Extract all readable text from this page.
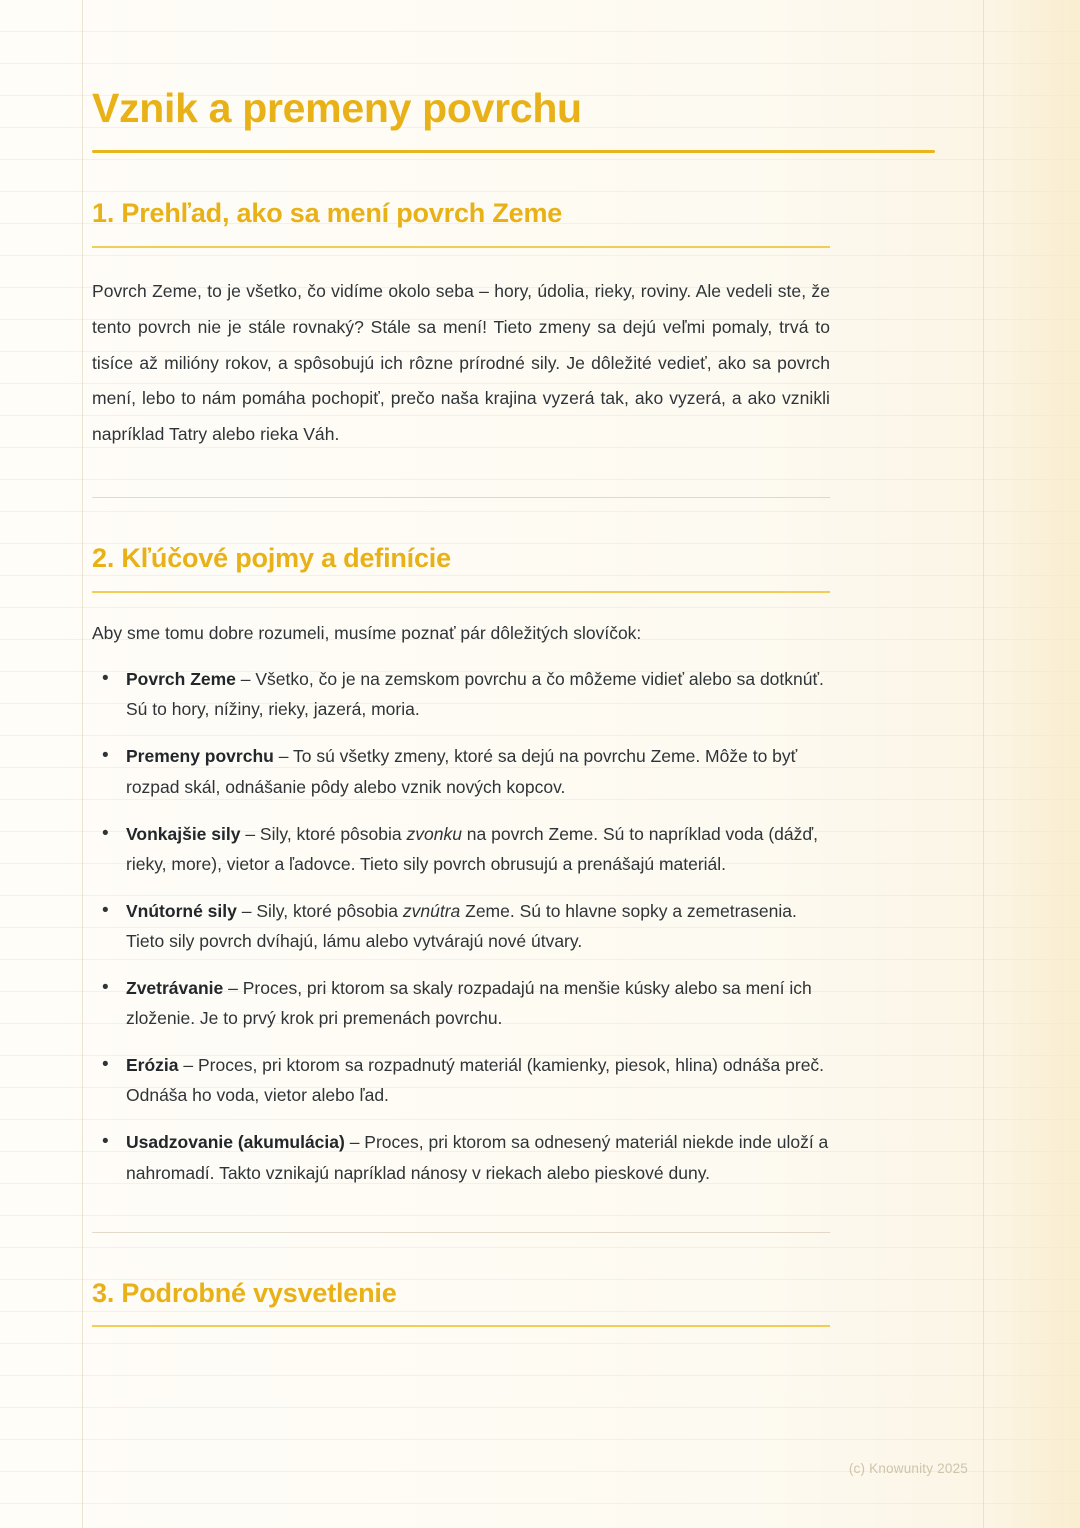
Vznik a premeny povrchu
1. Prehľad, ako sa mení povrch Zeme

Povrch Zeme, to je všetko, čo vidíme okolo seba – hory, údolia, rieky, roviny. Ale vedeli ste, že tento povrch nie je stále rovnaký? Stále sa mení! Tieto zmeny sa dejú veľmi pomaly, trvá to tisíce až milióny rokov, a spôsobujú ich rôzne prírodné sily. Je dôležité vedieť, ako sa povrch mení, lebo to nám pomáha pochopiť, prečo naša krajina vyzerá tak, ako vyzerá, a ako vznikli napríklad Tatry alebo rieka Váh.

2. Kľúčové pojmy a definície

Aby sme tomu dobre rozumeli, musíme poznať pár dôležitých slovíčok:

• Povrch Zeme – Všetko, čo je na zemskom povrchu a čo môžeme vidieť alebo sa dotknúť. Sú to hory, nížiny, rieky, jazerá, moria.
• Premeny povrchu – To sú všetky zmeny, ktoré sa dejú na povrchu Zeme. Môže to byť rozpad skál, odnášanie pôdy alebo vznik nových kopcov.
• Vonkajšie sily – Sily, ktoré pôsobia zvonku na povrch Zeme. Sú to napríklad voda (dážď, rieky, more), vietor a ľadovce. Tieto sily povrch obrusujú a prenášajú materiál.
• Vnútorné sily – Sily, ktoré pôsobia zvnútra Zeme. Sú to hlavne sopky a zemetrasenia. Tieto sily povrch dvíhajú, lámu alebo vytvárajú nové útvary.
• Zvetrávanie – Proces, pri ktorom sa skaly rozpadajú na menšie kúsky alebo sa mení ich zloženie. Je to prvý krok pri premenách povrchu.
• Erózia – Proces, pri ktorom sa rozpadnutý materiál (kamienky, piesok, hlina) odnáša preč. Odnáša ho voda, vietor alebo ľad.
• Usadzovanie (akumulácia) – Proces, pri ktorom sa odnesený materiál niekde inde uloží a nahromadí. Takto vznikajú napríklad nánosy v riekach alebo pieskové duny.
3. Podrobné vysvetlenie
(c) Knowunity 2025
